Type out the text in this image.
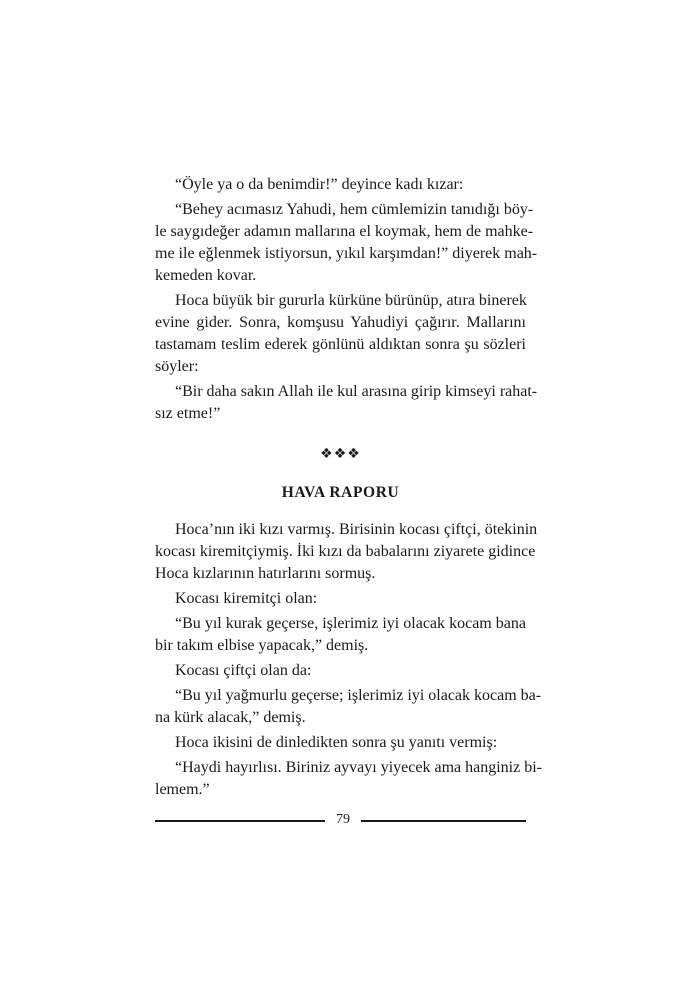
“Öyle ya o da benimdir!” deyince kadı kızar:
“Behey acımasız Yahudi, hem cümlemizin tanıdığı böy-
le saygıdeğer adamın mallarına el koymak, hem de mahke-
me ile eğlenmek istiyorsun, yıkıl karşımdan!” diyerek mah-
kemeden kovar.
Hoca büyük bir gururla kürküne bürünüp, atıra binerek
evine gider. Sonra, komşusu Yahudiyi çağırır. Mallarını
tastamam teslim ederek gönlünü aldıktan sonra şu sözleri
söyler:
“Bir daha sakın Allah ile kul arasına girip kimseyi rahat-
sız etme!”
❖❖❖
HAVA RAPORU
Hoca’nın iki kızı varmış. Birisinin kocası çiftçi, ötekinin
kocası kiremitçiymiş. İki kızı da babalarını ziyarete gidince
Hoca kızlarının hatırlarını sormuş.
Kocası kiremitçi olan:
“Bu yıl kurak geçerse, işlerimiz iyi olacak kocam bana
bir takım elbise yapacak,” demiş.
Kocası çiftçi olan da:
“Bu yıl yağmurlu geçerse; işlerimiz iyi olacak kocam ba-
na kürk alacak,” demiş.
Hoca ikisini de dinledikten sonra şu yanıtı vermiş:
“Haydi hayırlısı. Biriniz ayvayı yiyecek ama hanginiz bi-
lemem.”
79
